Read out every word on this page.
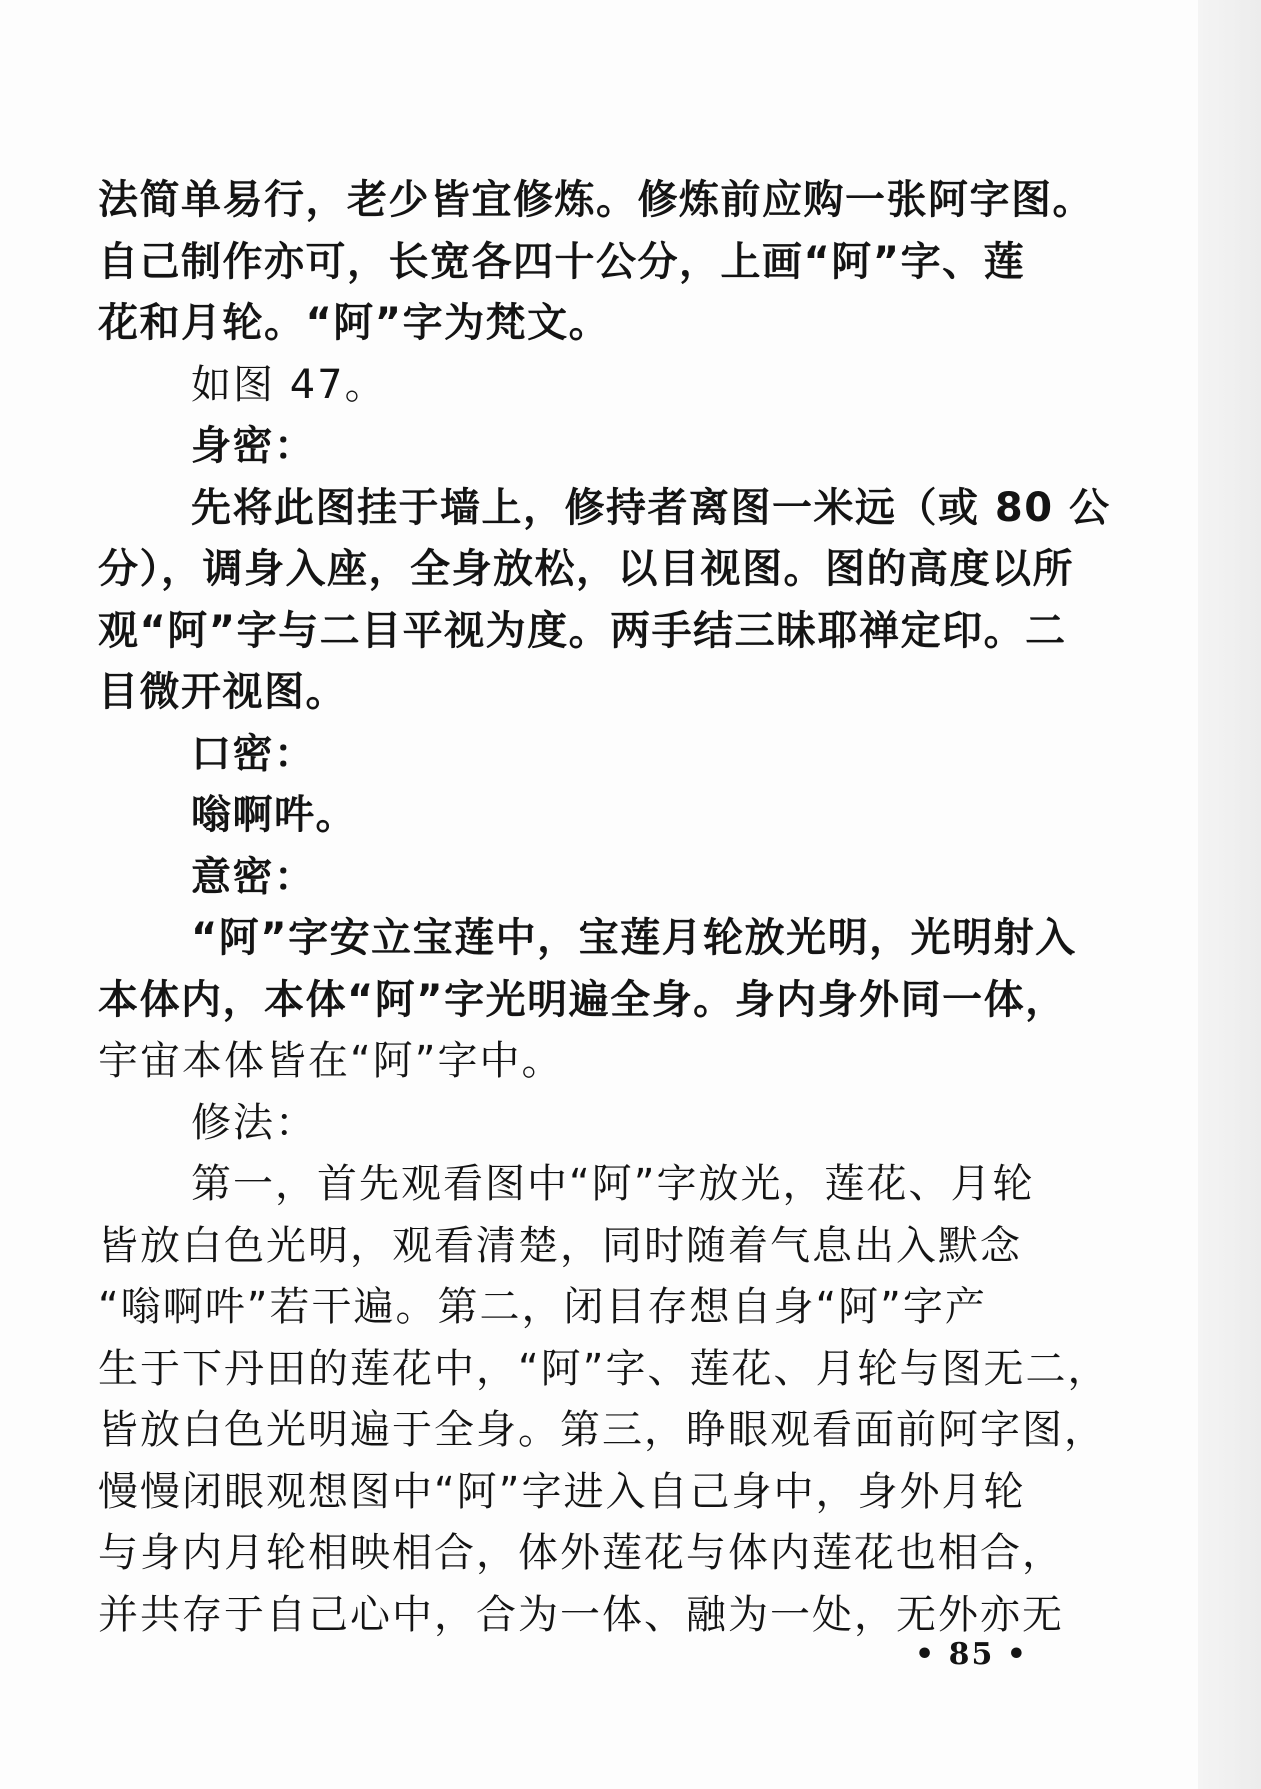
法简单易行，老少皆宜修炼。修炼前应购一张阿字图。
自己制作亦可，长宽各四十公分，上画“阿”字、莲
花和月轮。“阿”字为梵文。
如图 47。
身密：
先将此图挂于墙上，修持者离图一米远（或 80 公
分），调身入座，全身放松，以目视图。图的高度以所
观“阿”字与二目平视为度。两手结三昧耶禅定印。二
目微开视图。
口密：
嗡啊吽。
意密：
“阿”字安立宝莲中，宝莲月轮放光明，光明射入
本体内，本体“阿”字光明遍全身。身内身外同一体，
宇宙本体皆在“阿”字中。
修法：
第一，首先观看图中“阿”字放光，莲花、月轮
皆放白色光明，观看清楚，同时随着气息出入默念
“嗡啊吽”若干遍。第二，闭目存想自身“阿”字产
生于下丹田的莲花中，“阿”字、莲花、月轮与图无二，
皆放白色光明遍于全身。第三，睁眼观看面前阿字图，
慢慢闭眼观想图中“阿”字进入自己身中，身外月轮
与身内月轮相映相合，体外莲花与体内莲花也相合，
并共存于自己心中，合为一体、融为一处，无外亦无
• 85 •
